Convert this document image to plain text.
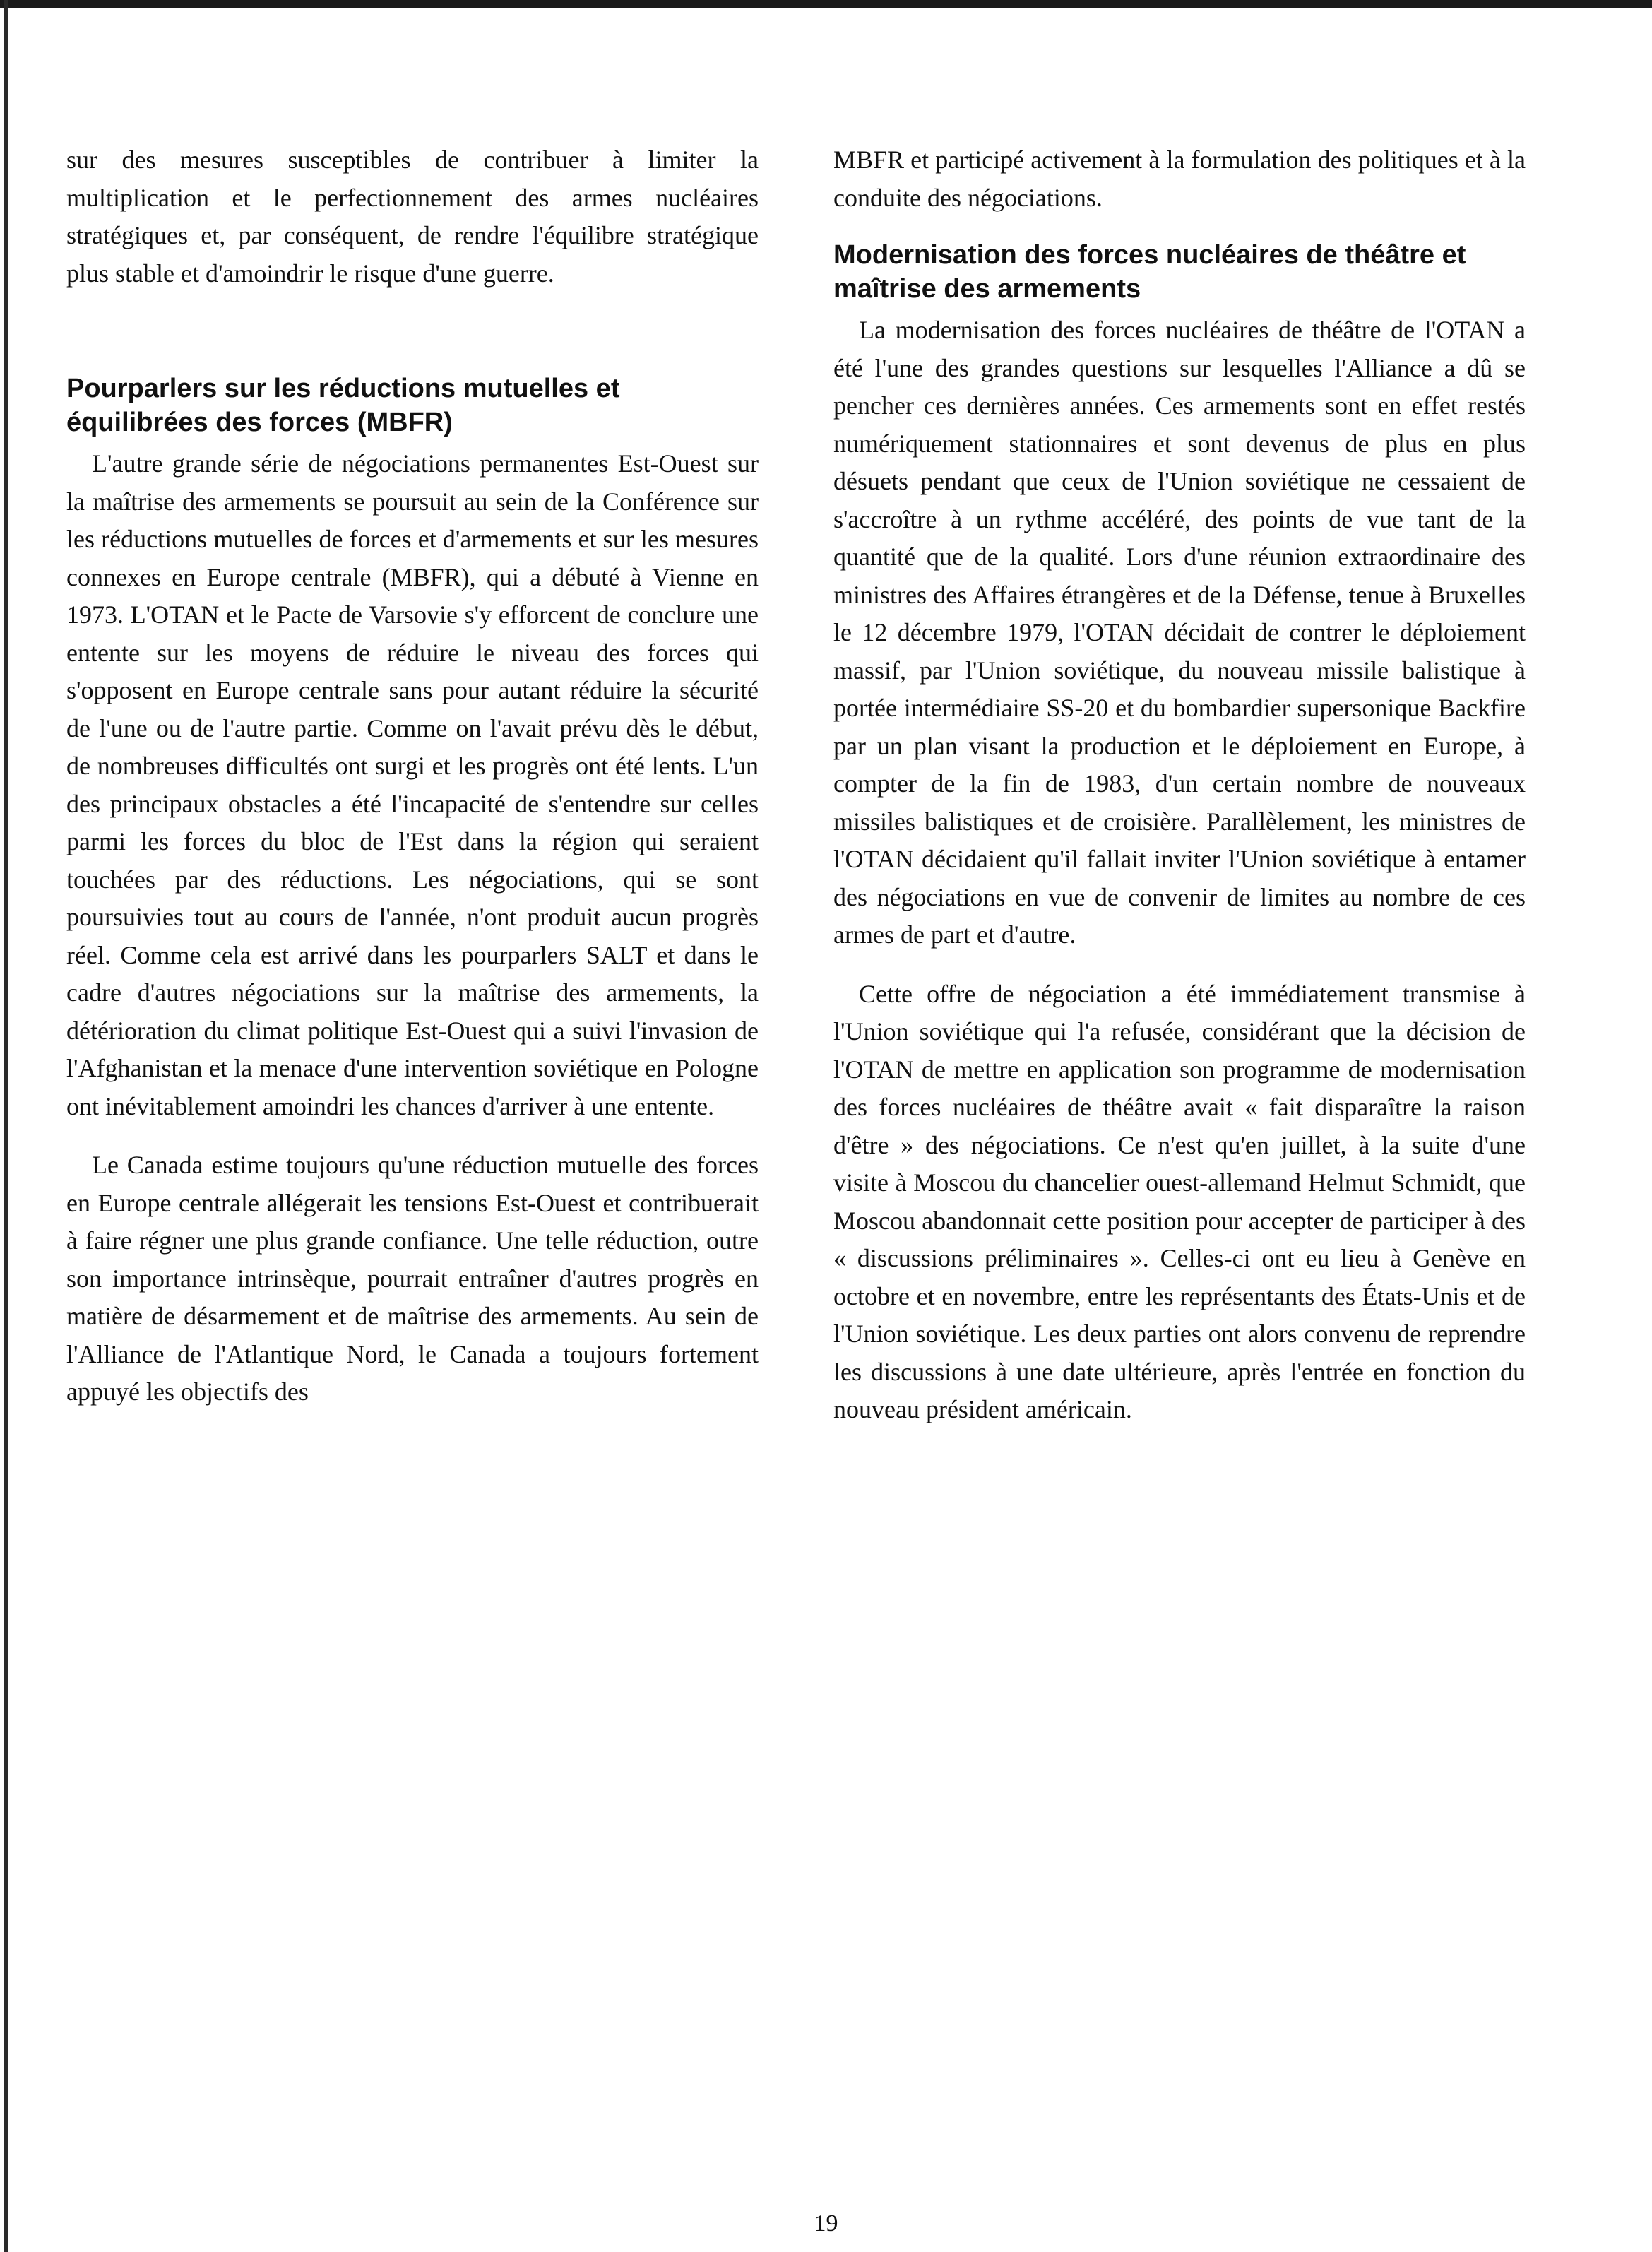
sur des mesures susceptibles de contribuer à limiter la multiplication et le perfectionnement des armes nucléaires stratégiques et, par conséquent, de rendre l'équilibre stratégique plus stable et d'amoindrir le risque d'une guerre.

Pourparlers sur les réductions mutuelles et équilibrées des forces (MBFR)

L'autre grande série de négociations permanentes Est-Ouest sur la maîtrise des armements se poursuit au sein de la Conférence sur les réductions mutuelles de forces et d'armements et sur les mesures connexes en Europe centrale (MBFR), qui a débuté à Vienne en 1973. L'OTAN et le Pacte de Varsovie s'y efforcent de conclure une entente sur les moyens de réduire le niveau des forces qui s'opposent en Europe centrale sans pour autant réduire la sécurité de l'une ou de l'autre partie. Comme on l'avait prévu dès le début, de nombreuses difficultés ont surgi et les progrès ont été lents. L'un des principaux obstacles a été l'incapacité de s'entendre sur celles parmi les forces du bloc de l'Est dans la région qui seraient touchées par des réductions. Les négociations, qui se sont poursuivies tout au cours de l'année, n'ont produit aucun progrès réel. Comme cela est arrivé dans les pourparlers SALT et dans le cadre d'autres négociations sur la maîtrise des armements, la détérioration du climat politique Est-Ouest qui a suivi l'invasion de l'Afghanistan et la menace d'une intervention soviétique en Pologne ont inévitablement amoindri les chances d'arriver à une entente.

Le Canada estime toujours qu'une réduction mutuelle des forces en Europe centrale allégerait les tensions Est-Ouest et contribuerait à faire régner une plus grande confiance. Une telle réduction, outre son importance intrinsèque, pourrait entraîner d'autres progrès en matière de désarmement et de maîtrise des armements. Au sein de l'Alliance de l'Atlantique Nord, le Canada a toujours fortement appuyé les objectifs des

MBFR et participé activement à la formulation des politiques et à la conduite des négociations.

Modernisation des forces nucléaires de théâtre et maîtrise des armements

La modernisation des forces nucléaires de théâtre de l'OTAN a été l'une des grandes questions sur lesquelles l'Alliance a dû se pencher ces dernières années. Ces armements sont en effet restés numériquement stationnaires et sont devenus de plus en plus désuets pendant que ceux de l'Union soviétique ne cessaient de s'accroître à un rythme accéléré, des points de vue tant de la quantité que de la qualité. Lors d'une réunion extraordinaire des ministres des Affaires étrangères et de la Défense, tenue à Bruxelles le 12 décembre 1979, l'OTAN décidait de contrer le déploiement massif, par l'Union soviétique, du nouveau missile balistique à portée intermédiaire SS-20 et du bombardier supersonique Backfire par un plan visant la production et le déploiement en Europe, à compter de la fin de 1983, d'un certain nombre de nouveaux missiles balistiques et de croisière. Parallèlement, les ministres de l'OTAN décidaient qu'il fallait inviter l'Union soviétique à entamer des négociations en vue de convenir de limites au nombre de ces armes de part et d'autre.

Cette offre de négociation a été immédiatement transmise à l'Union soviétique qui l'a refusée, considérant que la décision de l'OTAN de mettre en application son programme de modernisation des forces nucléaires de théâtre avait « fait disparaître la raison d'être » des négociations. Ce n'est qu'en juillet, à la suite d'une visite à Moscou du chancelier ouest-allemand Helmut Schmidt, que Moscou abandonnait cette position pour accepter de participer à des « discussions préliminaires ». Celles-ci ont eu lieu à Genève en octobre et en novembre, entre les représentants des États-Unis et de l'Union soviétique. Les deux parties ont alors convenu de reprendre les discussions à une date ultérieure, après l'entrée en fonction du nouveau président américain.

19
